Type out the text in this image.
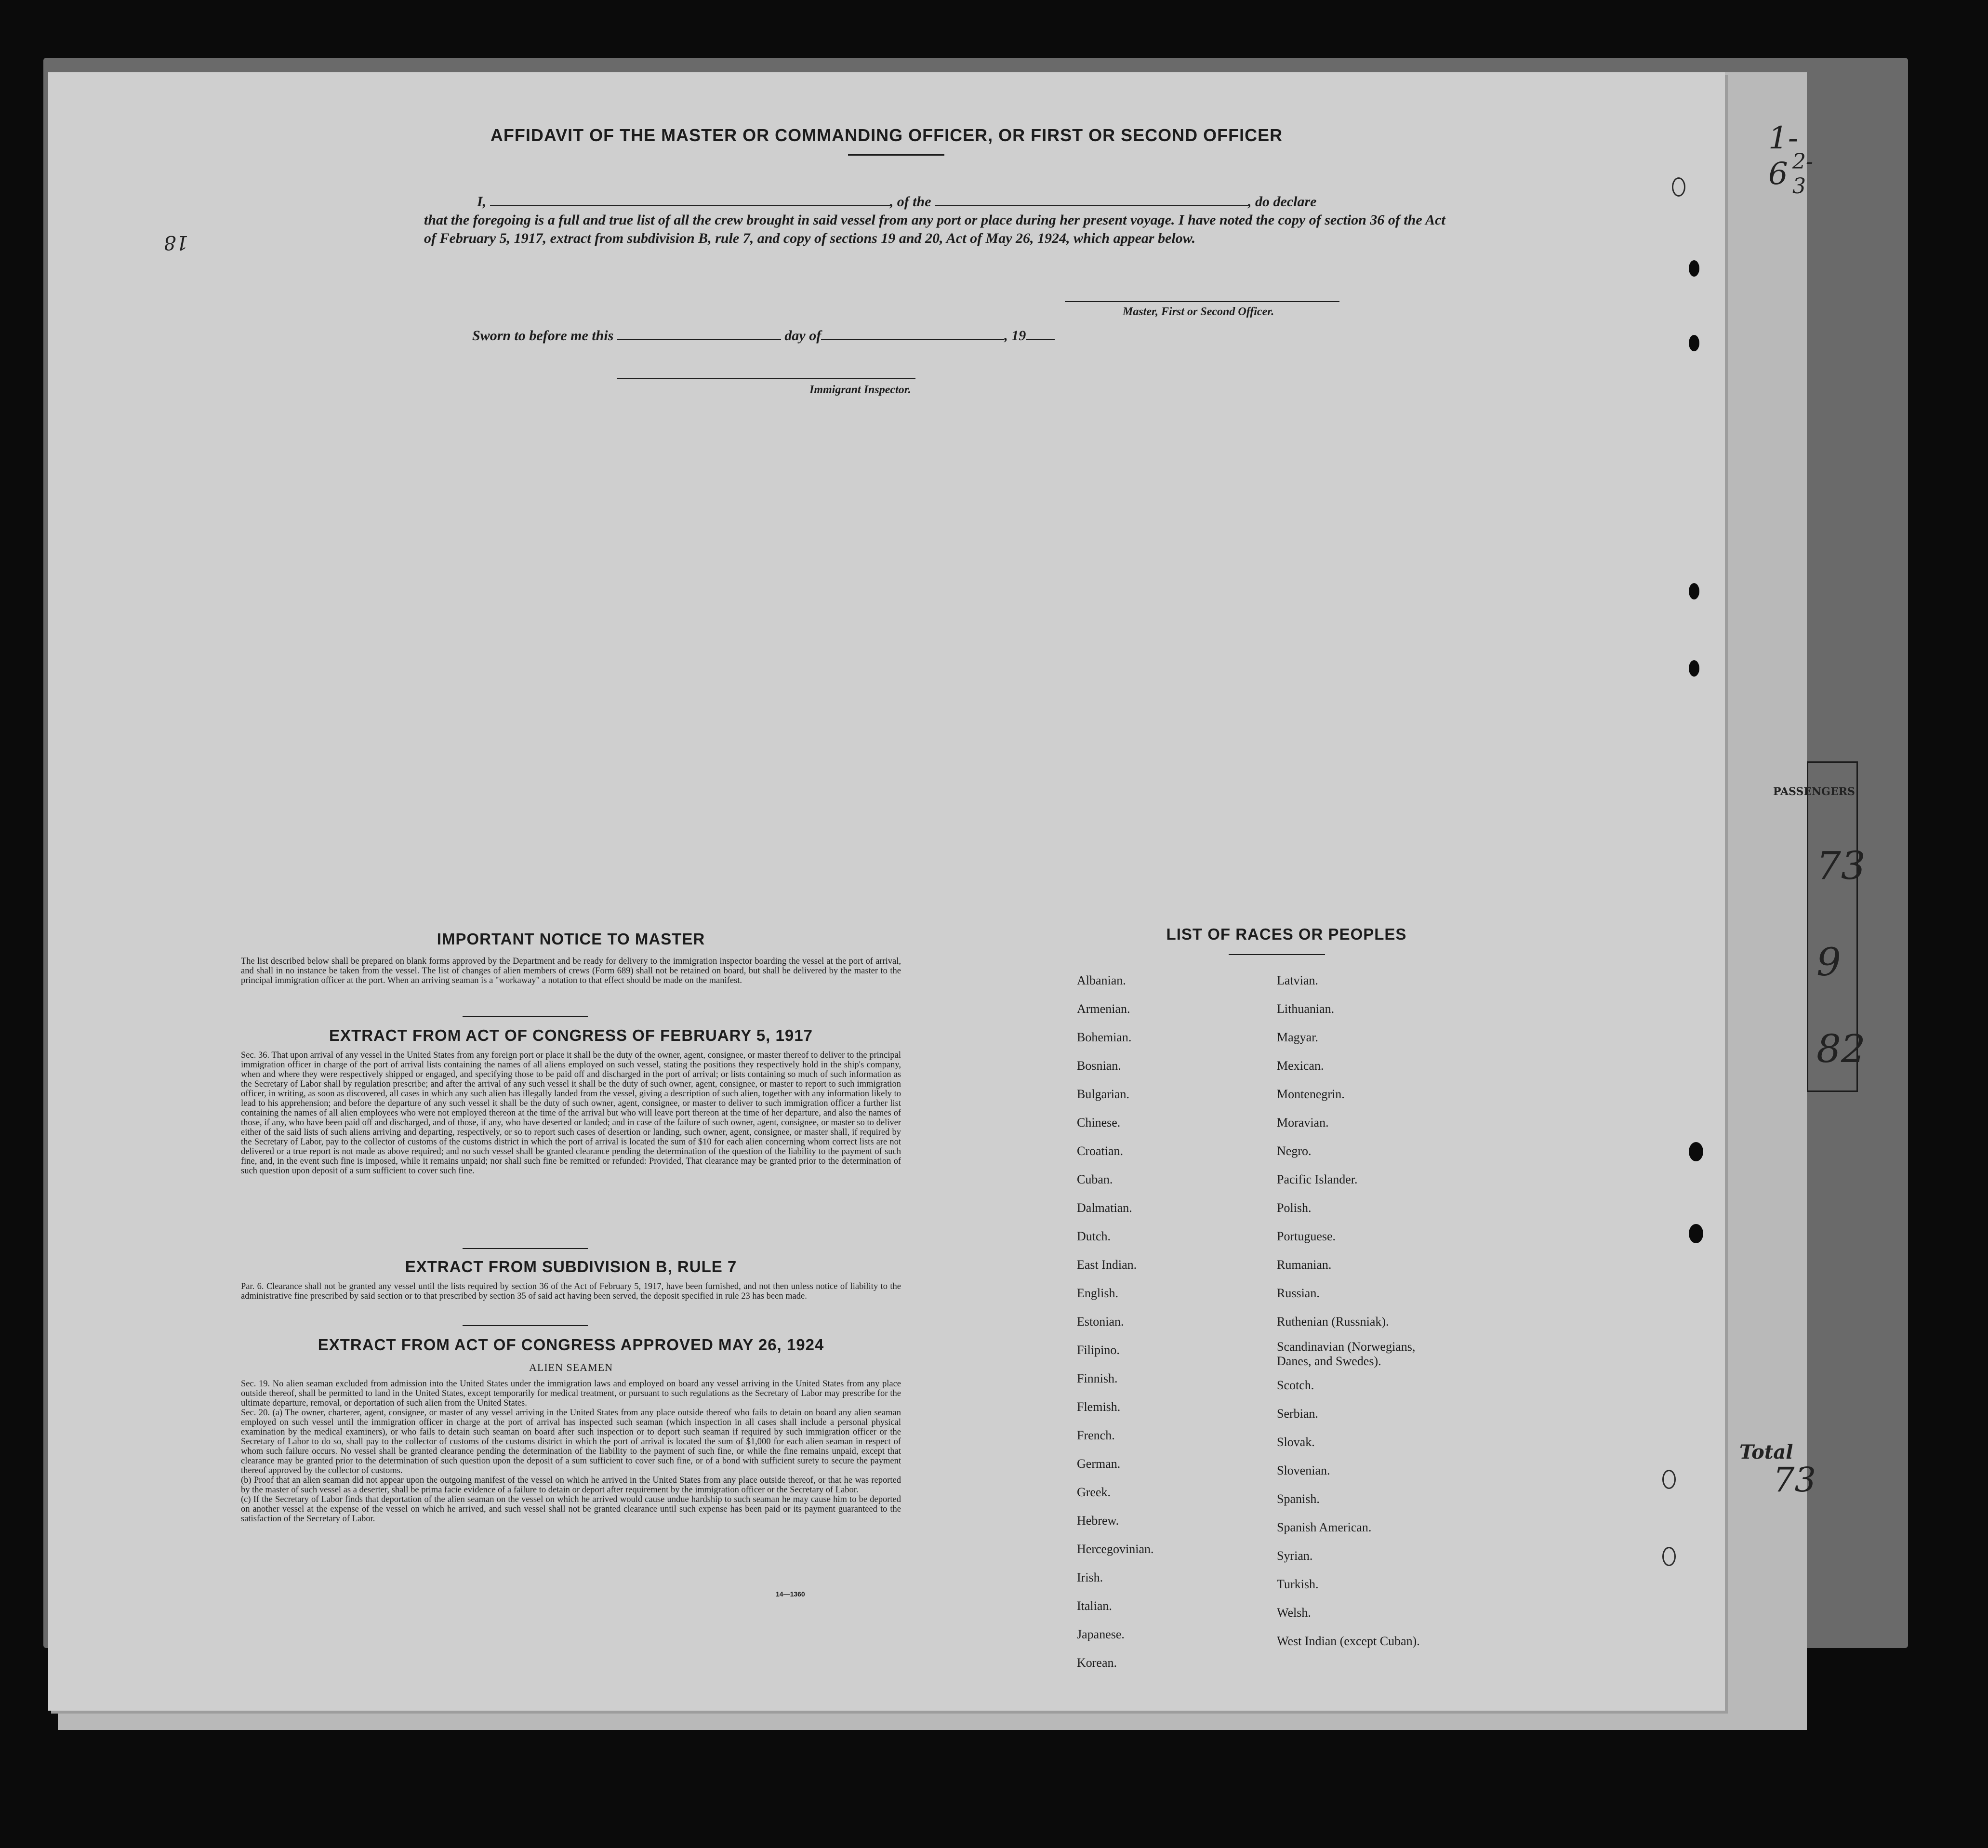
PASSENGERS
73
9
82
Total
73
1-6 2-3
18
AFFIDAVIT OF THE MASTER OR COMMANDING OFFICER, OR FIRST OR SECOND OFFICER
I,	, of the	, do declare
that the foregoing is a full and true list of all the crew brought in said vessel from any port or place during her present voyage. I have noted the copy of section 36 of the Act of February 5, 1917, extract from subdivision B, rule 7, and copy of sections 19 and 20, Act of May 26, 1924, which appear below.
Master, First or Second Officer.
Sworn to before me this	day of	, 19
Immigrant Inspector.
IMPORTANT NOTICE TO MASTER
The list described below shall be prepared on blank forms approved by the Department and be ready for delivery to the immigration inspector boarding the vessel at the port of arrival, and shall in no instance be taken from the vessel. The list of changes of alien members of crews (Form 689) shall not be retained on board, but shall be delivered by the master to the principal immigration officer at the port. When an arriving seaman is a "workaway" a notation to that effect should be made on the manifest.
EXTRACT FROM ACT OF CONGRESS OF FEBRUARY 5, 1917
Sec. 36. That upon arrival of any vessel in the United States from any foreign port or place it shall be the duty of the owner, agent, consignee, or master thereof to deliver to the principal immigration officer in charge of the port of arrival lists containing the names of all aliens employed on such vessel, stating the positions they respectively hold in the ship's company, when and where they were respectively shipped or engaged, and specifying those to be paid off and discharged in the port of arrival; or lists containing so much of such information as the Secretary of Labor shall by regulation prescribe; and after the arrival of any such vessel it shall be the duty of such owner, agent, consignee, or master to report to such immigration officer, in writing, as soon as discovered, all cases in which any such alien has illegally landed from the vessel, giving a description of such alien, together with any information likely to lead to his apprehension; and before the departure of any such vessel it shall be the duty of such owner, agent, consignee, or master to deliver to such immigration officer a further list containing the names of all alien employees who were not employed thereon at the time of the arrival but who will leave port thereon at the time of her departure, and also the names of those, if any, who have been paid off and discharged, and of those, if any, who have deserted or landed; and in case of the failure of such owner, agent, consignee, or master so to deliver either of the said lists of such aliens arriving and departing, respectively, or so to report such cases of desertion or landing, such owner, agent, consignee, or master shall, if required by the Secretary of Labor, pay to the collector of customs of the customs district in which the port of arrival is located the sum of $10 for each alien concerning whom correct lists are not delivered or a true report is not made as above required; and no such vessel shall be granted clearance pending the determination of the question of the liability to the payment of such fine, and, in the event such fine is imposed, while it remains unpaid; nor shall such fine be remitted or refunded: Provided, That clearance may be granted prior to the determination of such question upon deposit of a sum sufficient to cover such fine.
EXTRACT FROM SUBDIVISION B, RULE 7
Par. 6. Clearance shall not be granted any vessel until the lists required by section 36 of the Act of February 5, 1917, have been furnished, and not then unless notice of liability to the administrative fine prescribed by said section or to that prescribed by section 35 of said act having been served, the deposit specified in rule 23 has been made.
EXTRACT FROM ACT OF CONGRESS APPROVED MAY 26, 1924
ALIEN SEAMEN
Sec. 19. No alien seaman excluded from admission into the United States under the immigration laws and employed on board any vessel arriving in the United States from any place outside thereof, shall be permitted to land in the United States, except temporarily for medical treatment, or pursuant to such regulations as the Secretary of Labor may prescribe for the ultimate departure, removal, or deportation of such alien from the United States.
Sec. 20. (a) The owner, charterer, agent, consignee, or master of any vessel arriving in the United States from any place outside thereof who fails to detain on board any alien seaman employed on such vessel until the immigration officer in charge at the port of arrival has inspected such seaman (which inspection in all cases shall include a personal physical examination by the medical examiners), or who fails to detain such seaman on board after such inspection or to deport such seaman if required by such immigration officer or the Secretary of Labor to do so, shall pay to the collector of customs of the customs district in which the port of arrival is located the sum of $1,000 for each alien seaman in respect of whom such failure occurs. No vessel shall be granted clearance pending the determination of the liability to the payment of such fine, or while the fine remains unpaid, except that clearance may be granted prior to the determination of such question upon the deposit of a sum sufficient to cover such fine, or of a bond with sufficient surety to secure the payment thereof approved by the collector of customs.
(b) Proof that an alien seaman did not appear upon the outgoing manifest of the vessel on which he arrived in the United States from any place outside thereof, or that he was reported by the master of such vessel as a deserter, shall be prima facie evidence of a failure to detain or deport after requirement by the immigration officer or the Secretary of Labor.
(c) If the Secretary of Labor finds that deportation of the alien seaman on the vessel on which he arrived would cause undue hardship to such seaman he may cause him to be deported on another vessel at the expense of the vessel on which he arrived, and such vessel shall not be granted clearance until such expense has been paid or its payment guaranteed to the satisfaction of the Secretary of Labor.
14—1360
LIST OF RACES OR PEOPLES
Albanian.
Armenian.
Bohemian.
Bosnian.
Bulgarian.
Chinese.
Croatian.
Cuban.
Dalmatian.
Dutch.
East Indian.
English.
Estonian.
Filipino.
Finnish.
Flemish.
French.
German.
Greek.
Hebrew.
Hercegovinian.
Irish.
Italian.
Japanese.
Korean.
Latvian.
Lithuanian.
Magyar.
Mexican.
Montenegrin.
Moravian.
Negro.
Pacific Islander.
Polish.
Portuguese.
Rumanian.
Russian.
Ruthenian (Russniak).
Scandinavian (Norwegians, Danes, and Swedes).
Scotch.
Serbian.
Slovak.
Slovenian.
Spanish.
Spanish American.
Syrian.
Turkish.
Welsh.
West Indian (except Cuban).
